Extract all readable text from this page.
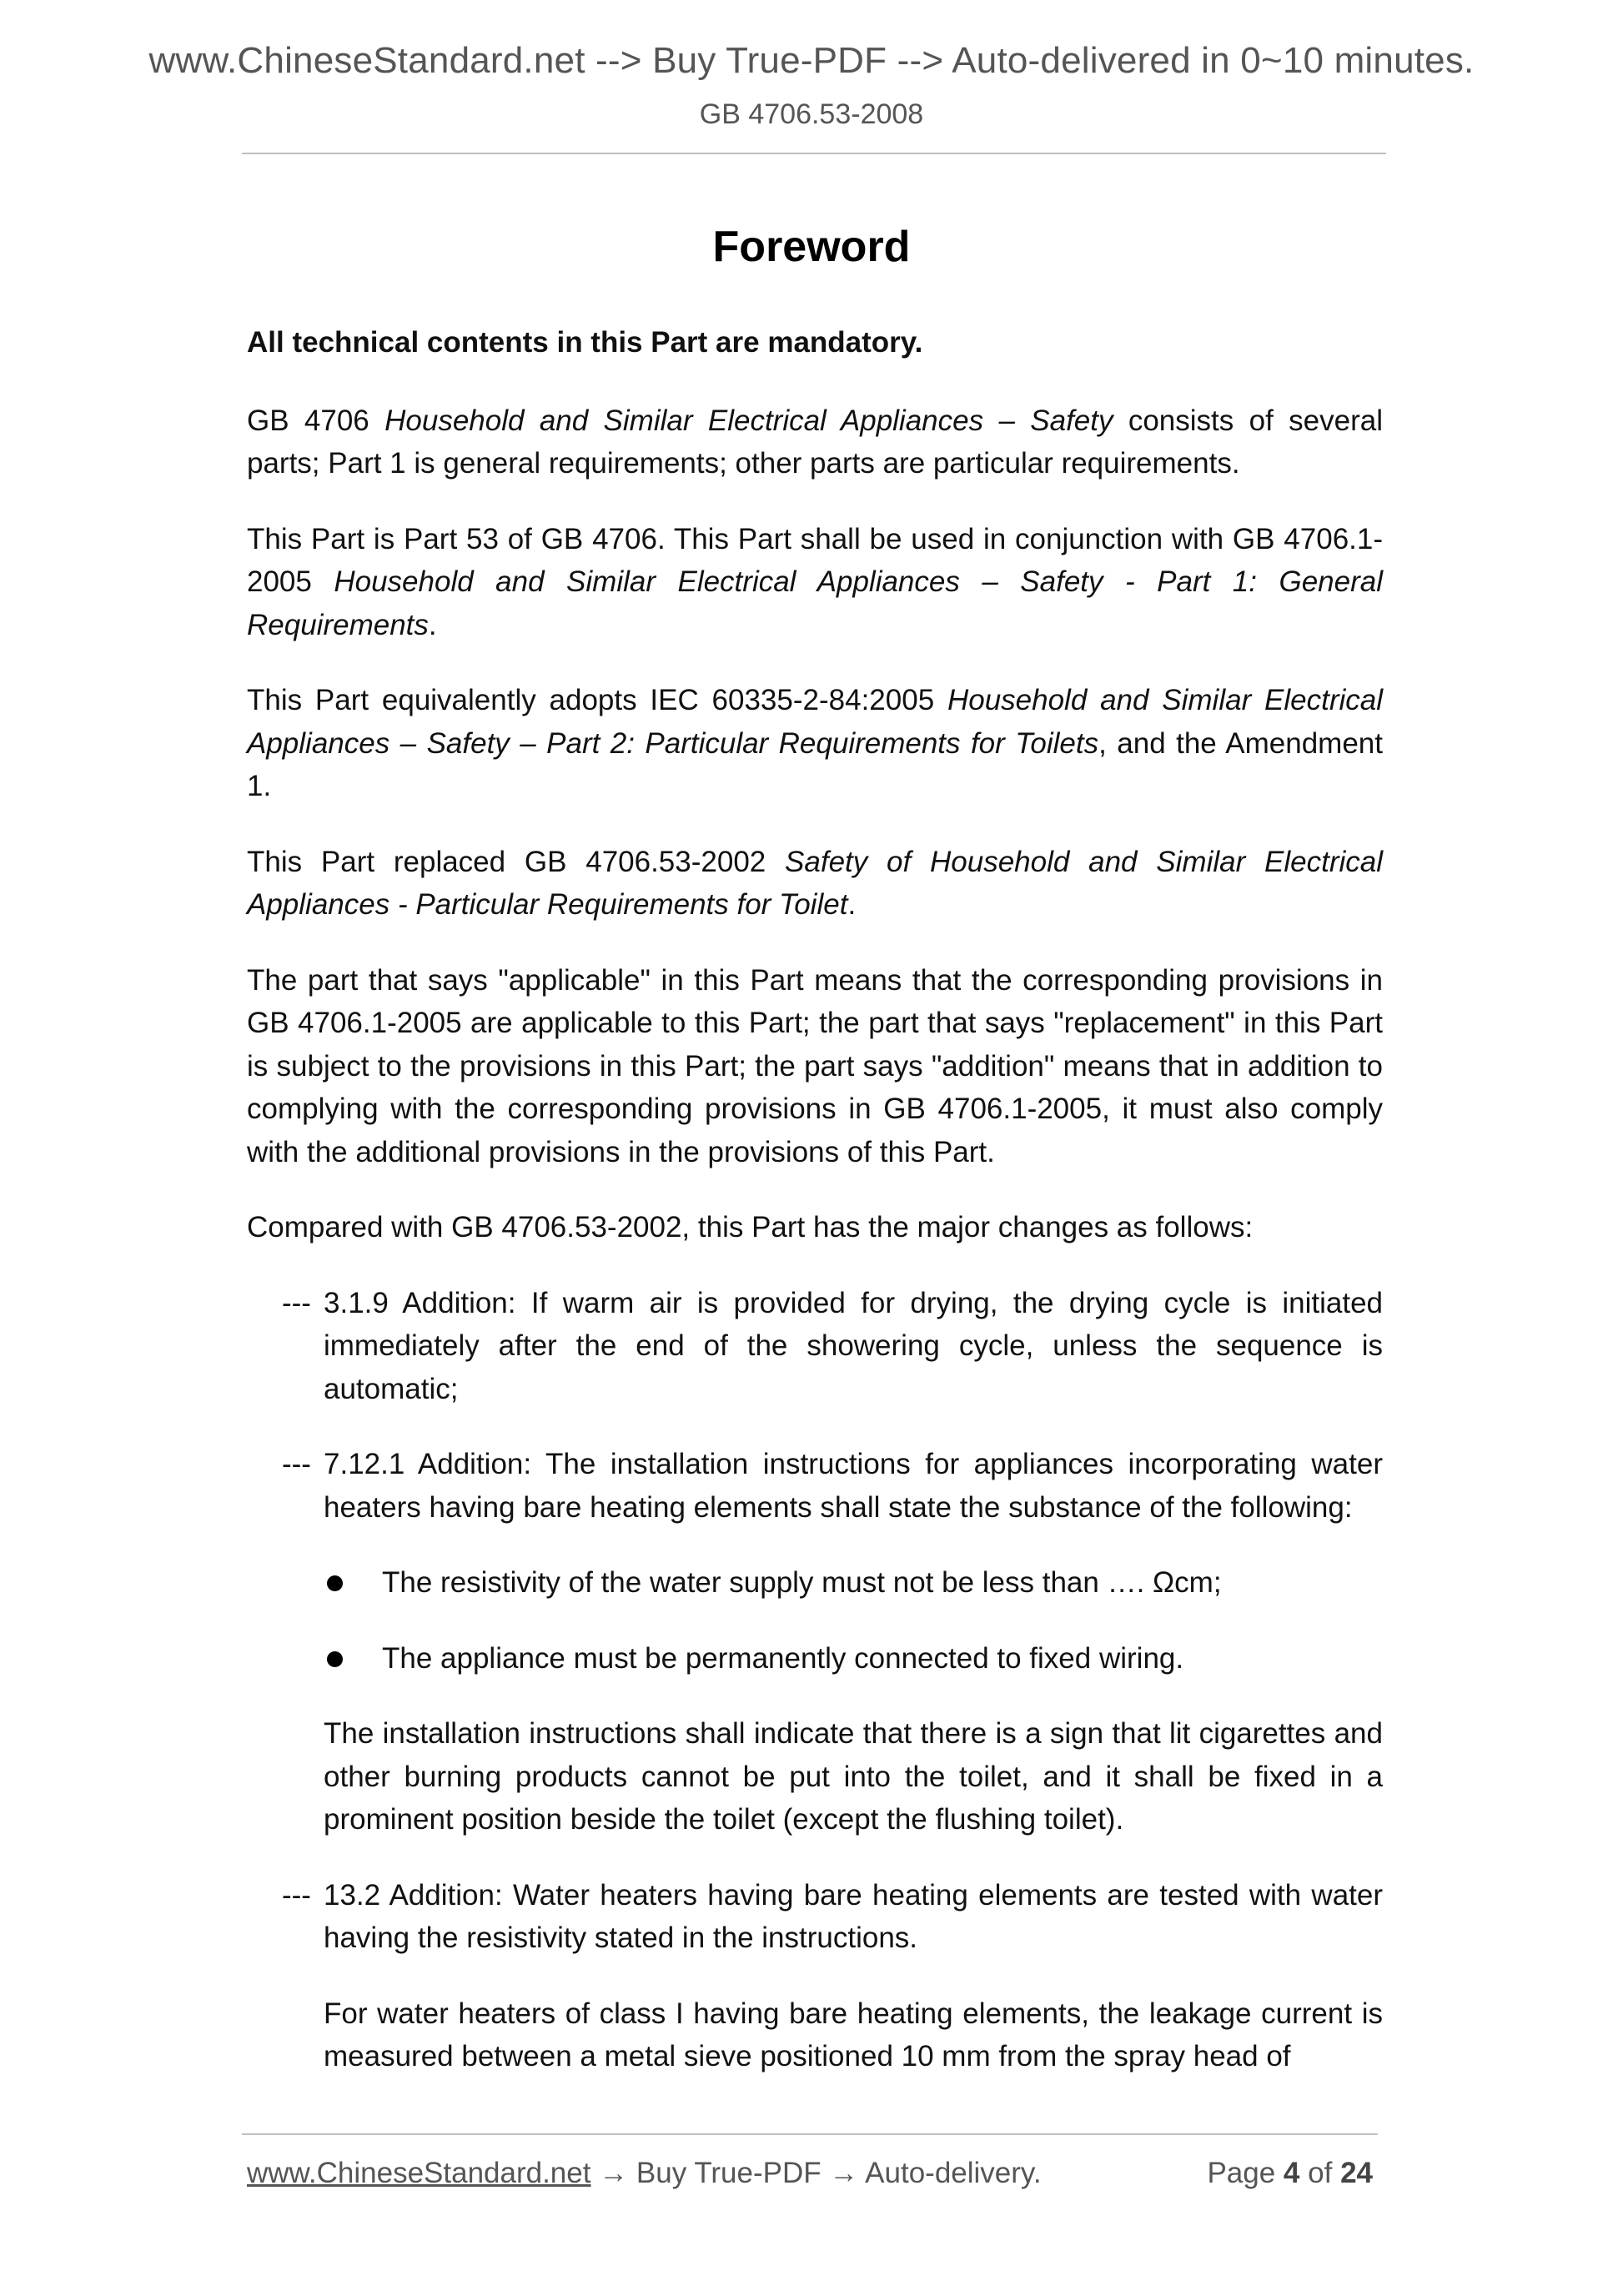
www.ChineseStandard.net --> Buy True-PDF --> Auto-delivered in 0~10 minutes.
GB 4706.53-2008
Foreword

All technical contents in this Part are mandatory.

GB 4706 Household and Similar Electrical Appliances – Safety consists of several parts; Part 1 is general requirements; other parts are particular requirements.

This Part is Part 53 of GB 4706. This Part shall be used in conjunction with GB 4706.1-2005 Household and Similar Electrical Appliances – Safety - Part 1: General Requirements.

This Part equivalently adopts IEC 60335-2-84:2005 Household and Similar Electrical Appliances – Safety – Part 2: Particular Requirements for Toilets, and the Amendment 1.

This Part replaced GB 4706.53-2002 Safety of Household and Similar Electrical Appliances - Particular Requirements for Toilet.

The part that says "applicable" in this Part means that the corresponding provisions in GB 4706.1-2005 are applicable to this Part; the part that says "replacement" in this Part is subject to the provisions in this Part; the part says "addition" means that in addition to complying with the corresponding provisions in GB 4706.1-2005, it must also comply with the additional provisions in the provisions of this Part.

Compared with GB 4706.53-2002, this Part has the major changes as follows:

--- 3.1.9 Addition: If warm air is provided for drying, the drying cycle is initiated immediately after the end of the showering cycle, unless the sequence is automatic;

--- 7.12.1 Addition: The installation instructions for appliances incorporating water heaters having bare heating elements shall state the substance of the following:

The resistivity of the water supply must not be less than …. Ωcm;
The appliance must be permanently connected to fixed wiring.

The installation instructions shall indicate that there is a sign that lit cigarettes and other burning products cannot be put into the toilet, and it shall be fixed in a prominent position beside the toilet (except the flushing toilet).

--- 13.2 Addition: Water heaters having bare heating elements are tested with water having the resistivity stated in the instructions.

For water heaters of class I having bare heating elements, the leakage current is measured between a metal sieve positioned 10 mm from the spray head of

www.ChineseStandard.net → Buy True-PDF → Auto-delivery.	Page 4 of 24
